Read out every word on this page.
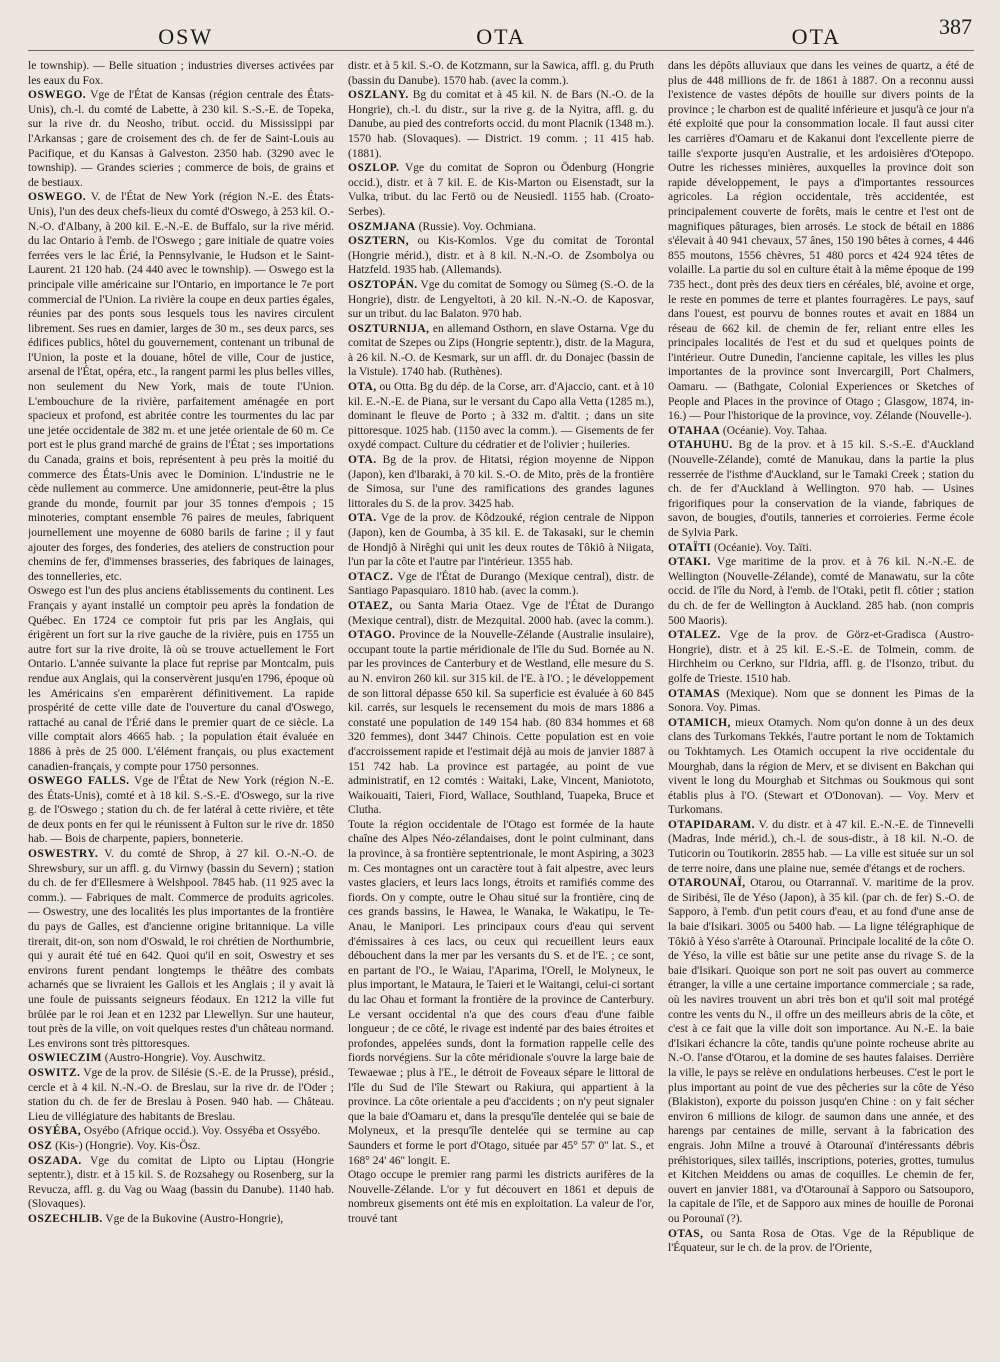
OSW	OTA	OTA	387

le township). — Belle situation ; industries diverses activées par les eaux du Fox.

OSWEGO. Vge de l'État de Kansas (région centrale des États-Unis), ch.-l. du comté de Labette, à 230 kil. S.-S.-E. de Topeka, sur la rive dr. du Neosho, tribut. occid. du Mississippi par l'Arkansas ; gare de croisement des ch. de fer de Saint-Louis au Pacifique, et du Kansas à Galveston. 2350 hab. (3290 avec le township). — Grandes scieries ; commerce de bois, de grains et de bestiaux.

OSWEGO. V. de l'État de New York (région N.-E. des États-Unis), l'un des deux chefs-lieux du comté d'Oswego, à 253 kil. O.-N.-O. d'Albany, à 200 kil. E.-N.-E. de Buffalo, sur la rive mérid. du lac Ontario à l'emb. de l'Oswego ; gare initiale de quatre voies ferrées vers le lac Érié, la Pennsylvanie, le Hudson et le Saint-Laurent. 21 120 hab. (24 440 avec le township). — Oswego est la principale ville américaine sur l'Ontario, en importance le 7e port commercial de l'Union. La rivière la coupe en deux parties égales, réunies par des ponts sous lesquels tous les navires circulent librement. Ses rues en damier, larges de 30 m., ses deux parcs, ses édifices publics, hôtel du gouvernement, contenant un tribunal de l'Union, la poste et la douane, hôtel de ville, Cour de justice, arsenal de l'État, opéra, etc., la rangent parmi les plus belles villes, non seulement du New York, mais de toute l'Union. L'embouchure de la rivière, parfaitement aménagée en port spacieux et profond, est abritée contre les tourmentes du lac par une jetée occidentale de 382 m. et une jetée orientale de 60 m. Ce port est le plus grand marché de grains de l'État ; ses importations du Canada, grains et bois, représentent à peu près la moitié du commerce des États-Unis avec le Dominion. L'industrie ne le cède nullement au commerce. Une amidonnerie, peut-être la plus grande du monde, fournit par jour 35 tonnes d'empois ; 15 minoteries, comptant ensemble 76 paires de meules, fabriquent journellement une moyenne de 6080 barils de farine ; il y faut ajouter des forges, des fonderies, des ateliers de construction pour chemins de fer, d'immenses brasseries, des fabriques de lainages, des tonnelleries, etc.

Oswego est l'un des plus anciens établissements du continent. Les Français y ayant installé un comptoir peu après la fondation de Québec. En 1724 ce comptoir fut pris par les Anglais, qui érigèrent un fort sur la rive gauche de la rivière, puis en 1755 un autre fort sur la rive droite, là où se trouve actuellement le Fort Ontario. L'année suivante la place fut reprise par Montcalm, puis rendue aux Anglais, qui la conservèrent jusqu'en 1796, époque où les Américains s'en emparèrent définitivement. La rapide prospérité de cette ville date de l'ouverture du canal d'Oswego, rattaché au canal de l'Érié dans le premier quart de ce siècle. La ville comptait alors 4665 hab. ; la population était évaluée en 1886 à près de 25 000. L'élément français, ou plus exactement canadien-français, y compte pour 1750 personnes.

OSWEGO FALLS. Vge de l'État de New York (région N.-E. des États-Unis), comté et à 18 kil. S.-S.-E. d'Oswego, sur la rive g. de l'Oswego ; station du ch. de fer latéral à cette rivière, et tête de deux ponts en fer qui le réunissent à Fulton sur le rive dr. 1850 hab. — Bois de charpente, papiers, bonneterie.

OSWESTRY. V. du comté de Shrop, à 27 kil. O.-N.-O. de Shrewsbury, sur un affl. g. du Virnwy (bassin du Severn) ; station du ch. de fer d'Ellesmere à Welshpool. 7845 hab. (11 925 avec la comm.). — Fabriques de malt. Commerce de produits agricoles. — Oswestry, une des localités les plus importantes de la frontière du pays de Galles, est d'ancienne origine britannique. La ville tirerait, dit-on, son nom d'Oswald, le roi chrétien de Northumbrie, qui y aurait été tué en 642. Quoi qu'il en soit, Oswestry et ses environs furent pendant longtemps le théâtre des combats acharnés que se livraient les Gallois et les Anglais ; il y avait là une foule de puissants seigneurs féodaux. En 1212 la ville fut brûlée par le roi Jean et en 1232 par Llewellyn. Sur une hauteur, tout près de la ville, on voit quelques restes d'un château normand. Les environs sont très pittoresques.

OSWIECZIM (Austro-Hongrie). Voy. Auschwitz.

OSWITZ. Vge de la prov. de Silésie (S.-E. de la Prusse), présid., cercle et à 4 kil. N.-N.-O. de Breslau, sur la rive dr. de l'Oder ; station du ch. de fer de Breslau à Posen. 940 hab. — Château. Lieu de villégiature des habitants de Breslau.

OSYÉBA, Osyébo (Afrique occid.). Voy. Ossyéba et Ossyébo.

OSZ (Kis-) (Hongrie). Voy. Kis-Ösz.

OSZADA. Vge du comitat de Lipto ou Liptau (Hongrie septentr.), distr. et à 15 kil. S. de Rozsahegy ou Rosenberg, sur la Revucza, affl. g. du Vag ou Waag (bassin du Danube). 1140 hab. (Slovaques).

OSZECHLIB. Vge de la Bukovine (Austro-Hongrie),

distr. et à 5 kil. S.-O. de Kotzmann, sur la Sawica, affl. g. du Pruth (bassin du Danube). 1570 hab. (avec la comm.).

OSZLANY. Bg du comitat et à 45 kil. N. de Bars (N.-O. de la Hongrie), ch.-l. du distr., sur la rive g. de la Nyitra, affl. g. du Danube, au pied des contreforts occid. du mont Placnik (1348 m.). 1570 hab. (Slovaques). — District. 19 comm. ; 11 415 hab. (1881).

OSZLOP. Vge du comitat de Sopron ou Ödenburg (Hongrie occid.), distr. et à 7 kil. E. de Kis-Marton ou Eisenstadt, sur la Vulka, tribut. du lac Fertö ou de Neusiedl. 1155 hab. (Croato-Serbes).

OSZMJANA (Russie). Voy. Ochmiana.

OSZTERN, ou Kis-Komlos. Vge du comitat de Torontal (Hongrie mérid.), distr. et à 8 kil. N.-N.-O. de Zsombolya ou Hatzfeld. 1935 hab. (Allemands).

OSZTOPÁN. Vge du comitat de Somogy ou Sümeg (S.-O. de la Hongrie), distr. de Lengyeltoti, à 20 kil. N.-N.-O. de Kaposvar, sur un tribut. du lac Balaton. 970 hab.

OSZTURNIJA, en allemand Osthorn, en slave Ostarna. Vge du comitat de Szepes ou Zips (Hongrie septentr.), distr. de la Magura, à 26 kil. N.-O. de Kesmark, sur un affl. dr. du Donajec (bassin de la Vistule). 1740 hab. (Ruthènes).

OTA, ou Otta. Bg du dép. de la Corse, arr. d'Ajaccio, cant. et à 10 kil. E.-N.-E. de Piana, sur le versant du Capo alla Vetta (1285 m.), dominant le fleuve de Porto ; à 332 m. d'altit. ; dans un site pittoresque. 1025 hab. (1150 avec la comm.). — Gisements de fer oxydé compact. Culture du cédratier et de l'olivier ; huileries.

OTA. Bg de la prov. de Hitatsi, région moyenne de Nippon (Japon), ken d'Ibaraki, à 70 kil. S.-O. de Mito, près de la frontière de Simosa, sur l'une des ramifications des grandes lagunes littorales du S. de la prov. 3425 hab.

OTA. Vge de la prov. de Kôdzouké, région centrale de Nippon (Japon), ken de Goumba, à 35 kil. E. de Takasaki, sur le chemin de Hondjô à Nirêghi qui unit les deux routes de Tôkiô à Niigata, l'un par la côte et l'autre par l'intérieur. 1355 hab.

OTACZ. Vge de l'État de Durango (Mexique central), distr. de Santiago Papasquiaro. 1810 hab. (avec la comm.).

OTAEZ, ou Santa Maria Otaez. Vge de l'État de Durango (Mexique central), distr. de Mezquital. 2000 hab. (avec la comm.).

OTAGO. Province de la Nouvelle-Zélande (Australie insulaire), occupant toute la partie méridionale de l'île du Sud. Bornée au N. par les provinces de Canterbury et de Westland, elle mesure du S. au N. environ 260 kil. sur 315 kil. de l'E. à l'O. ; le développement de son littoral dépasse 650 kil. Sa superficie est évaluée à 60 845 kil. carrés, sur lesquels le recensement du mois de mars 1886 a constaté une population de 149 154 hab. (80 834 hommes et 68 320 femmes), dont 3447 Chinois. Cette population est en voie d'accroissement rapide et l'estimait déjà au mois de janvier 1887 à 151 742 hab. La province est partagée, au point de vue administratif, en 12 comtés : Waitaki, Lake, Vincent, Maniototo, Waikouaiti, Taieri, Fiord, Wallace, Southland, Tuapeka, Bruce et Clutha.

Toute la région occidentale de l'Otago est formée de la haute chaîne des Alpes Néo-zélandaises, dont le point culminant, dans la province, à sa frontière septentrionale, le mont Aspiring, a 3023 m. Ces montagnes ont un caractère tout à fait alpestre, avec leurs vastes glaciers, et leurs lacs longs, étroits et ramifiés comme des fiords. On y compte, outre le Ohau situé sur la frontière, cinq de ces grands bassins, le Hawea, le Wanaka, le Wakatipu, le Te-Anau, le Manipori. Les principaux cours d'eau qui servent d'émissaires à ces lacs, ou ceux qui recueillent leurs eaux débouchent dans la mer par les versants du S. et de l'E. ; ce sont, en partant de l'O., le Waiau, l'Aparima, l'Orell, le Molyneux, le plus important, le Mataura, le Taieri et le Waitangi, celui-ci sortant du lac Ohau et formant la frontière de la province de Canterbury. Le versant occidental n'a que des cours d'eau d'une faible longueur ; de ce côté, le rivage est indenté par des baies étroites et profondes, appelées sunds, dont la formation rappelle celle des fiords norvégiens. Sur la côte méridionale s'ouvre la large baie de Tewaewae ; plus à l'E., le détroit de Foveaux sépare le littoral de l'île du Sud de l'île Stewart ou Rakiura, qui appartient à la province. La côte orientale a peu d'accidents ; on n'y peut signaler que la baie d'Oamaru et, dans la presqu'île dentelée qui se baie de Molyneux, et la presqu'île dentelée qui se termine au cap Saunders et forme le port d'Otago, située par 45° 57' 0'' lat. S., et 168° 24' 46'' longit. E.

Otago occupe le premier rang parmi les districts aurifères de la Nouvelle-Zélande. L'or y fut découvert en 1861 et depuis de nombreux gisements ont été mis en exploitation. La valeur de l'or, trouvé tant

dans les dépôts alluviaux que dans les veines de quartz, a été de plus de 448 millions de fr. de 1861 à 1887. On a reconnu aussi l'existence de vastes dépôts de houille sur divers points de la province ; le charbon est de qualité inférieure et jusqu'à ce jour n'a été exploité que pour la consommation locale. Il faut aussi citer les carrières d'Oamaru et de Kakanui dont l'excellente pierre de taille s'exporte jusqu'en Australie, et les ardoisières d'Otepopo. Outre les richesses minières, auxquelles la province doit son rapide développement, le pays a d'importantes ressources agricoles. La région occidentale, très accidentée, est principalement couverte de forêts, mais le centre et l'est ont de magnifiques pâturages, bien arrosés. Le stock de bétail en 1886 s'élevait à 40 941 chevaux, 57 ânes, 150 190 bêtes à cornes, 4 446 855 moutons, 1556 chèvres, 51 480 porcs et 424 924 têtes de volaille. La partie du sol en culture était à la même époque de 199 735 hect., dont près des deux tiers en céréales, blé, avoine et orge, le reste en pommes de terre et plantes fourragères. Le pays, sauf dans l'ouest, est pourvu de bonnes routes et avait en 1884 un réseau de 662 kil. de chemin de fer, reliant entre elles les principales localités de l'est et du sud et quelques points de l'intérieur. Outre Dunedin, l'ancienne capitale, les villes les plus importantes de la province sont Invercargill, Port Chalmers, Oamaru. — (Bathgate, Colonial Experiences or Sketches of People and Places in the province of Otago ; Glasgow, 1874, in-16.) — Pour l'historique de la province, voy. Zélande (Nouvelle-).

OTAHAA (Océanie). Voy. Tahaa.

OTAHUHU. Bg de la prov. et à 15 kil. S.-S.-E. d'Auckland (Nouvelle-Zélande), comté de Manukau, dans la partie la plus resserrée de l'isthme d'Auckland, sur le Tamaki Creek ; station du ch. de fer d'Auckland à Wellington. 970 hab. — Usines frigorifiques pour la conservation de la viande, fabriques de savon, de bougies, d'outils, tanneries et corroieries. Ferme école de Sylvia Park.

OTAÏTI (Océanie). Voy. Taïti.

OTAKI. Vge maritime de la prov. et à 76 kil. N.-N.-E. de Wellington (Nouvelle-Zélande), comté de Manawatu, sur la côte occid. de l'île du Nord, à l'emb. de l'Otaki, petit fl. côtier ; station du ch. de fer de Wellington à Auckland. 285 hab. (non compris 500 Maoris).

OTALEZ. Vge de la prov. de Görz-et-Gradisca (Austro-Hongrie), distr. et à 25 kil. E.-S.-E. de Tolmein, comm. de Hirchheim ou Cerkno, sur l'Idria, affl. g. de l'Isonzo, tribut. du golfe de Trieste. 1510 hab.

OTAMAS (Mexique). Nom que se donnent les Pimas de la Sonora. Voy. Pimas.

OTAMICH, mieux Otamych. Nom qu'on donne à un des deux clans des Turkomans Tekkés, l'autre portant le nom de Toktamich ou Tokhtamych. Les Otamich occupent la rive occidentale du Mourghab, dans la région de Merv, et se divisent en Bakchan qui vivent le long du Mourghab et Sitchmas ou Soukmous qui sont établis plus à l'O. (Stewart et O'Donovan). — Voy. Merv et Turkomans.

OTAPIDARAM. V. du distr. et à 47 kil. E.-N.-E. de Tinnevelli (Madras, Inde mérid.), ch.-l. de sous-distr., à 18 kil. N.-O. de Tuticorin ou Toutikorin. 2855 hab. — La ville est située sur un sol de terre noire, dans une plaine nue, semée d'étangs et de rochers.

OTAROUNAÏ, Otarou, ou Otarrannaï. V. maritime de la prov. de Siribési, île de Yéso (Japon), à 35 kil. (par ch. de fer) S.-O. de Sapporo, à l'emb. d'un petit cours d'eau, et au fond d'une anse de la baie d'Isikari. 3005 ou 5400 hab. — La ligne télégraphique de Tôkiô à Yéso s'arrête à Otarounaï. Principale localité de la côte O. de Yéso, la ville est bâtie sur une petite anse du rivage S. de la baie d'Isikari. Quoique son port ne soit pas ouvert au commerce étranger, la ville a une certaine importance commerciale ; sa rade, où les navires trouvent un abri très bon et qu'il soit mal protégé contre les vents du N., il offre un des meilleurs abris de la côte, et c'est à ce fait que la ville doit son importance. Au N.-E. la baie d'Isikari échancre la côte, tandis qu'une pointe rocheuse abrite au N.-O. l'anse d'Otarou, et la domine de ses hautes falaises. Derrière la ville, le pays se relève en ondulations herbeuses. C'est le port le plus important au point de vue des pêcheries sur la côte de Yéso (Blakiston), exporte du poisson jusqu'en Chine : on y fait sécher environ 6 millions de kilogr. de saumon dans une année, et des harengs par centaines de mille, servant à la fabrication des engrais. John Milne a trouvé à Otarounaï d'intéressants débris préhistoriques, silex taillés, inscriptions, poteries, grottes, tumulus et Kitchen Meiddens ou amas de coquilles. Le chemin de fer, ouvert en janvier 1881, va d'Otarounaï à Sapporo ou Satsouporo, la capitale de l'île, et de Sapporo aux mines de houille de Poronai ou Porounaï (?).

OTAS, ou Santa Rosa de Otas. Vge de la République de l'Équateur, sur le ch. de la prov. de l'Oriente,
